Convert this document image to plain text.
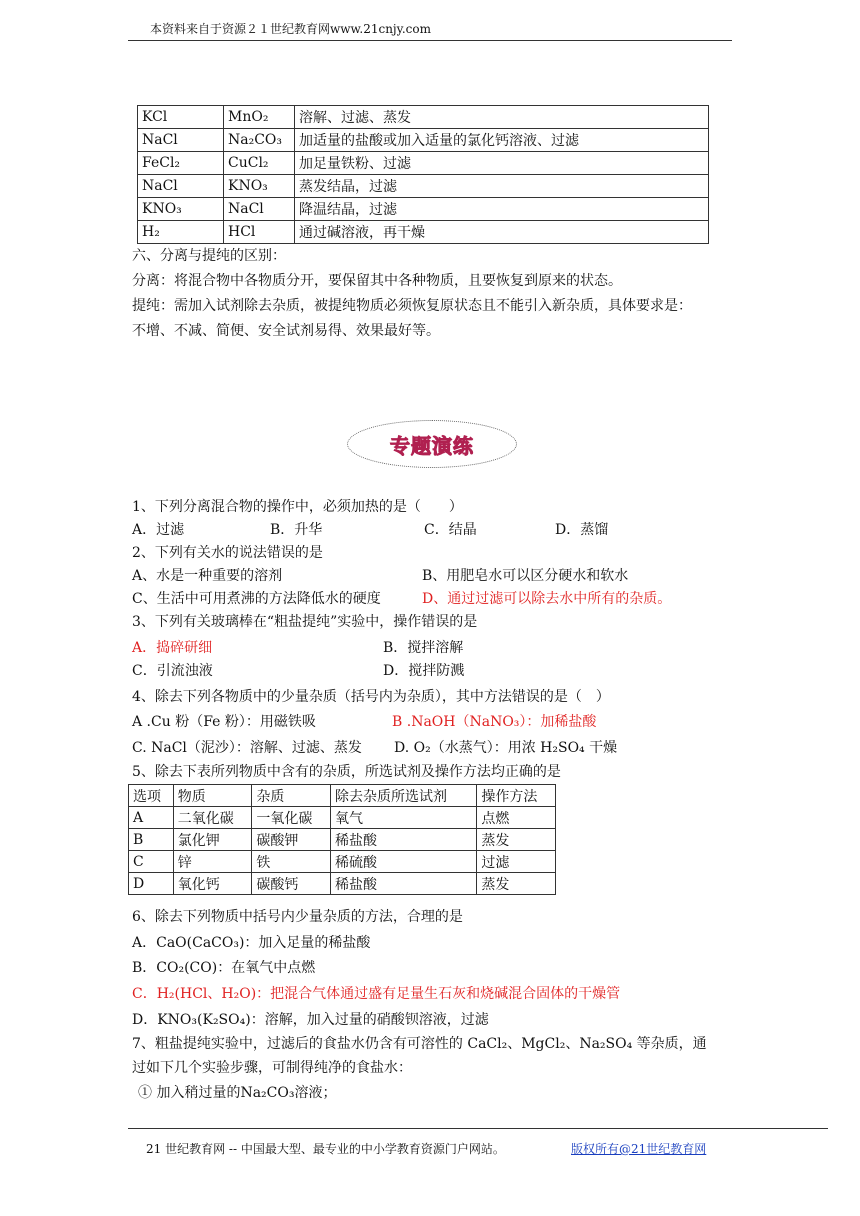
本资料来自于资源２１世纪教育网www.21cnjy.com
KCl	MnO₂	溶解、过滤、蒸发
NaCl	Na₂CO₃	加适量的盐酸或加入适量的氯化钙溶液、过滤
FeCl₂	CuCl₂	加足量铁粉、过滤
NaCl	KNO₃	蒸发结晶，过滤
KNO₃	NaCl	降温结晶，过滤
H₂	HCl	通过碱溶液，再干燥
六、分离与提纯的区别：
分离：将混合物中各物质分开，要保留其中各种物质，且要恢复到原来的状态。
提纯：需加入试剂除去杂质，被提纯物质必须恢复原状态且不能引入新杂质，具体要求是：
不增、不减、简便、安全试剂易得、效果最好等。
专题演练
1、下列分离混合物的操作中，必须加热的是（　　）
A．过滤	B．升华	C．结晶	D．蒸馏
2、下列有关水的说法错误的是
A、水是一种重要的溶剂	B、用肥皂水可以区分硬水和软水
C、生活中可用煮沸的方法降低水的硬度	D、通过过滤可以除去水中所有的杂质。
3、下列有关玻璃棒在“粗盐提纯”实验中，操作错误的是
A．捣碎研细	B．搅拌溶解
C．引流浊液	D．搅拌防溅
4、除去下列各物质中的少量杂质（括号内为杂质），其中方法错误的是（　）
A .Cu 粉（Fe 粉）：用磁铁吸	B .NaOH（NaNO₃）：加稀盐酸
C. NaCl（泥沙）：溶解、过滤、蒸发 D. O₂（水蒸气）：用浓 H₂SO₄ 干燥
5、除去下表所列物质中含有的杂质，所选试剂及操作方法均正确的是
选项	物质	杂质	除去杂质所选试剂	操作方法
A	二氧化碳	一氧化碳	氧气	点燃
B	氯化钾	碳酸钾	稀盐酸	蒸发
C	锌	铁	稀硫酸	过滤
D	氧化钙	碳酸钙	稀盐酸	蒸发
6、除去下列物质中括号内少量杂质的方法，合理的是
A．CaO(CaCO₃)：加入足量的稀盐酸
B．CO₂(CO)：在氧气中点燃
C．H₂(HCl、H₂O)：把混合气体通过盛有足量生石灰和烧碱混合固体的干燥管
D．KNO₃(K₂SO₄)：溶解，加入过量的硝酸钡溶液，过滤
7、粗盐提纯实验中，过滤后的食盐水仍含有可溶性的 CaCl₂、MgCl₂、Na₂SO₄ 等杂质，通
过如下几个实验步骤，可制得纯净的食盐水：
① 加入稍过量的Na₂CO₃溶液；
21 世纪教育网 -- 中国最大型、最专业的中小学教育资源门户网站。	版权所有@21世纪教育网
